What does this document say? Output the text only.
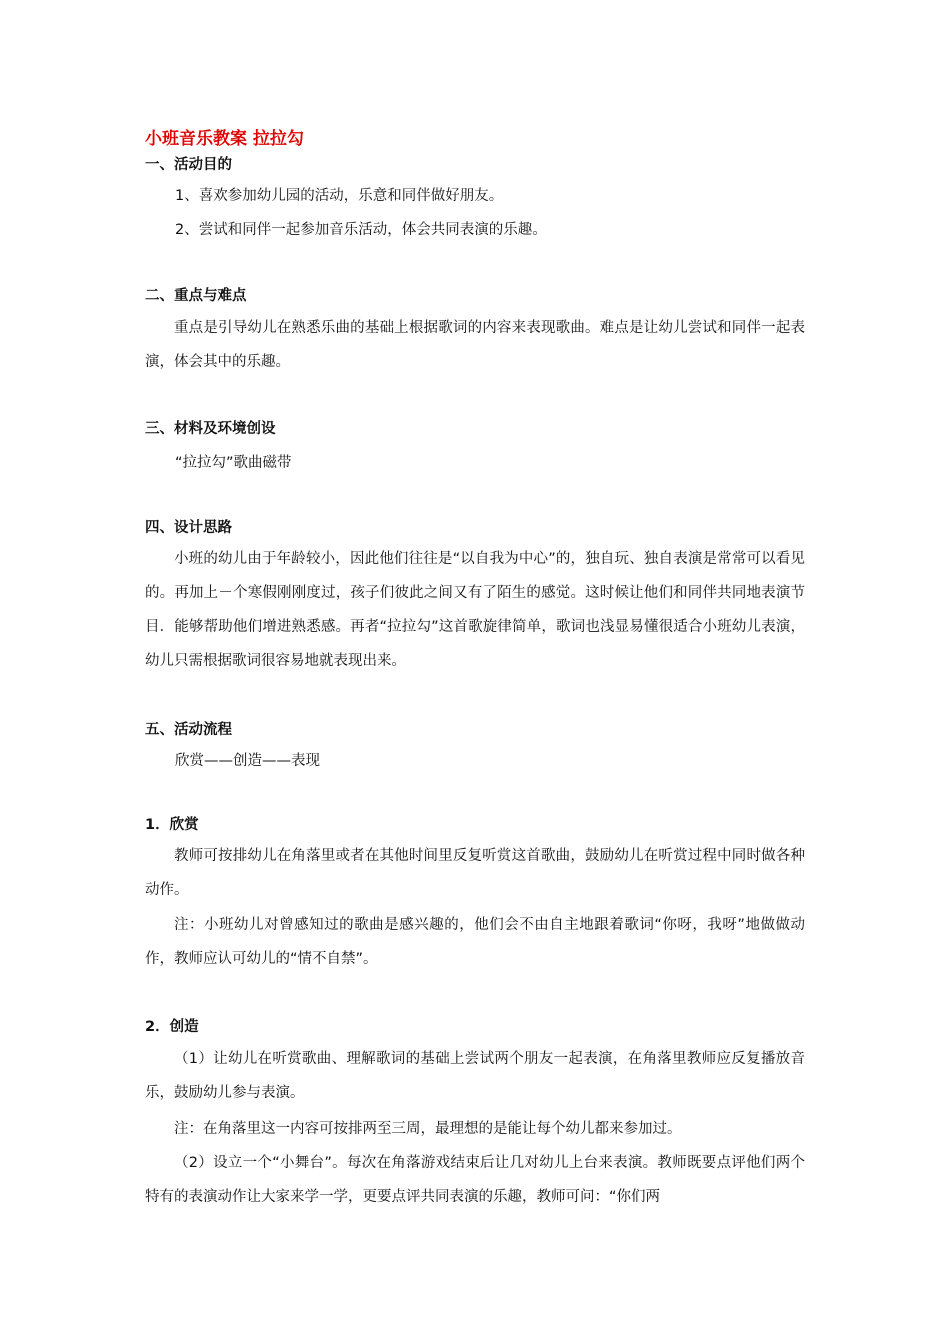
小班音乐教案 拉拉勾
一、活动目的
1、喜欢参加幼儿园的活动，乐意和同伴做好朋友。
2、尝试和同伴一起参加音乐活动，体会共同表演的乐趣。
二、重点与难点

重点是引导幼儿在熟悉乐曲的基础上根据歌词的内容来表现歌曲。难点是让幼儿尝试和同伴一起表演，体会其中的乐趣。

三、材料及环境创设
“拉拉勾”歌曲磁带
四、设计思路

小班的幼儿由于年龄较小，因此他们往往是“以自我为中心”的，独自玩、独自表演是常常可以看见的。再加上－个寒假刚刚度过，孩子们彼此之间又有了陌生的感觉。这时候让他们和同伴共同地表演节目．能够帮助他们增进熟悉感。再者“拉拉勾”这首歌旋律简单，歌词也浅显易懂很适合小班幼儿表演，幼儿只需根据歌词很容易地就表现出来。

五、活动流程
欣赏——创造——表现
1．欣赏

教师可按排幼儿在角落里或者在其他时间里反复听赏这首歌曲，鼓励幼儿在听赏过程中同时做各种动作。

注：小班幼儿对曾感知过的歌曲是感兴趣的，他们会不由自主地跟着歌词“你呀，我呀”地做做动作，教师应认可幼儿的“情不自禁”。

2．创造

（1）让幼儿在听赏歌曲、理解歌词的基础上尝试两个朋友一起表演，在角落里教师应反复播放音乐，鼓励幼儿参与表演。

注：在角落里这一内容可按排两至三周，最理想的是能让每个幼儿都来参加过。

（2）设立一个“小舞台”。每次在角落游戏结束后让几对幼儿上台来表演。教师既要点评他们两个特有的表演动作让大家来学一学，更要点评共同表演的乐趣，教师可问：“你们两
